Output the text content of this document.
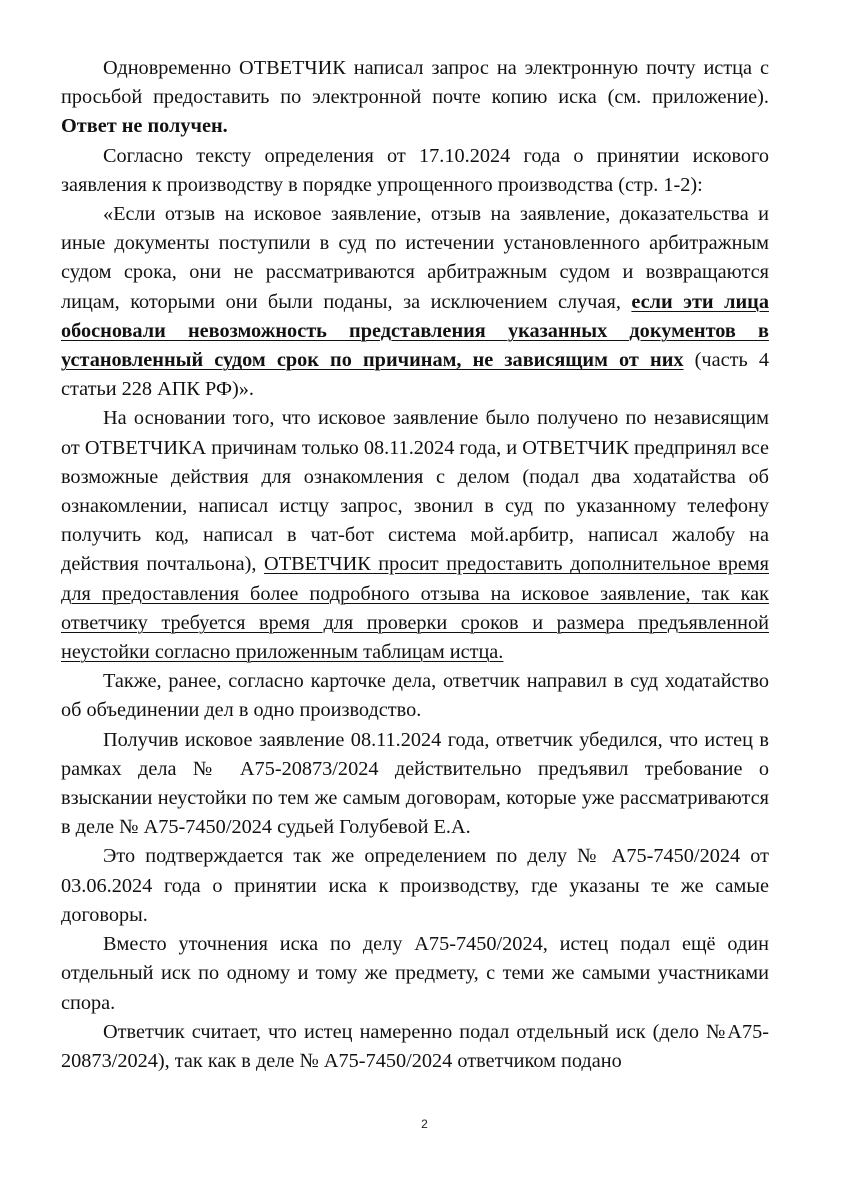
Одновременно ОТВЕТЧИК написал запрос на электронную почту истца с просьбой предоставить по электронной почте копию иска (см. приложение). Ответ не получен.

Согласно тексту определения от 17.10.2024 года о принятии искового заявления к производству в порядке упрощенного производства (стр. 1-2):

«Если отзыв на исковое заявление, отзыв на заявление, доказательства и иные документы поступили в суд по истечении установленного арбитражным судом срока, они не рассматриваются арбитражным судом и возвращаются лицам, которыми они были поданы, за исключением случая, если эти лица обосновали невозможность представления указанных документов в установленный судом срок по причинам, не зависящим от них (часть 4 статьи 228 АПК РФ)».

На основании того, что исковое заявление было получено по независящим от ОТВЕТЧИКА причинам только 08.11.2024 года, и ОТВЕТЧИК предпринял все возможные действия для ознакомления с делом (подал два ходатайства об ознакомлении, написал истцу запрос, звонил в суд по указанному телефону получить код, написал в чат-бот система мой.арбитр, написал жалобу на действия почтальона), ОТВЕТЧИК просит предоставить дополнительное время для предоставления более подробного отзыва на исковое заявление, так как ответчику требуется время для проверки сроков и размера предъявленной неустойки согласно приложенным таблицам истца.

Также, ранее, согласно карточке дела, ответчик направил в суд ходатайство об объединении дел в одно производство.

Получив исковое заявление 08.11.2024 года, ответчик убедился, что истец в рамках дела № А75-20873/2024 действительно предъявил требование о взыскании неустойки по тем же самым договорам, которые уже рассматриваются в деле № А75-7450/2024 судьей Голубевой Е.А.

Это подтверждается так же определением по делу № А75-7450/2024 от 03.06.2024 года о принятии иска к производству, где указаны те же самые договоры.

Вместо уточнения иска по делу А75-7450/2024, истец подал ещё один отдельный иск по одному и тому же предмету, с теми же самыми участниками спора.

Ответчик считает, что истец намеренно подал отдельный иск (дело №А75-20873/2024), так как в деле № А75-7450/2024 ответчиком подано

2
